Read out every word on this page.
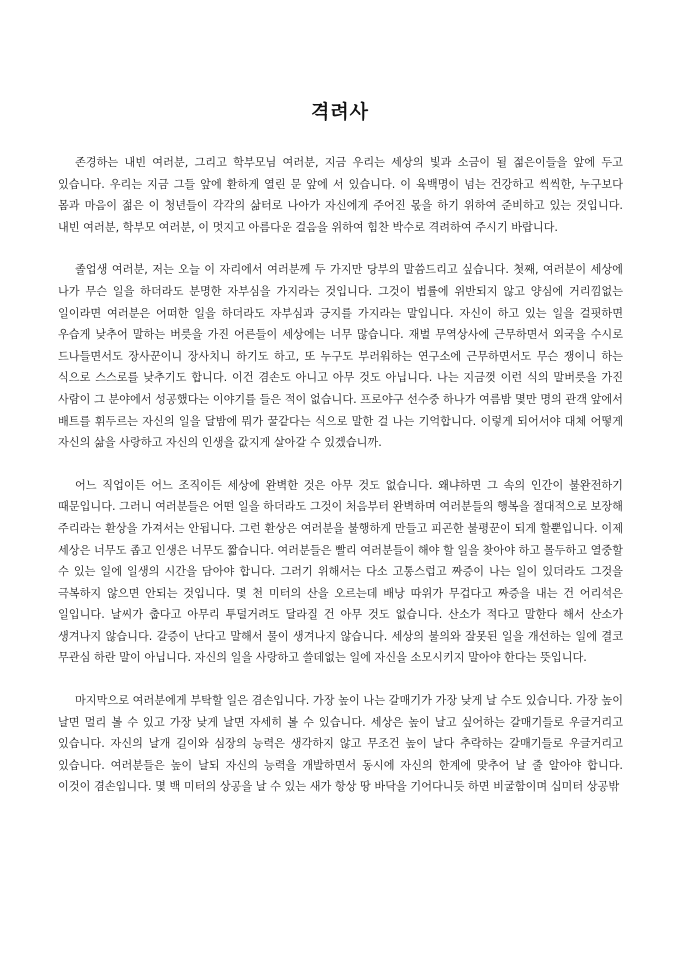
격려사

존경하는 내빈 여러분, 그리고 학부모님 여러분, 지금 우리는 세상의 빛과 소금이 될 젊은이들을 앞에 두고 있습니다. 우리는 지금 그들 앞에 환하게 열린 문 앞에 서 있습니다. 이 육백명이 넘는 건강하고 씩씩한, 누구보다 몸과 마음이 젊은 이 청년들이 각각의 삶터로 나아가 자신에게 주어진 몫을 하기 위하여 준비하고 있는 것입니다. 내빈 여러분, 학부모 여러분, 이 멋지고 아름다운 걸음을 위하여 힘찬 박수로 격려하여 주시기 바랍니다.

졸업생 여러분, 저는 오늘 이 자리에서 여러분께 두 가지만 당부의 말씀드리고 싶습니다. 첫째, 여러분이 세상에 나가 무슨 일을 하더라도 분명한 자부심을 가지라는 것입니다. 그것이 법률에 위반되지 않고 양심에 거리낌없는 일이라면 여러분은 어떠한 일을 하더라도 자부심과 긍지를 가지라는 말입니다. 자신이 하고 있는 일을 걸핏하면 우습게 낮추어 말하는 버릇을 가진 어른들이 세상에는 너무 많습니다. 재벌 무역상사에 근무하면서 외국을 수시로 드나들면서도 장사꾼이니 장사치니 하기도 하고, 또 누구도 부러워하는 연구소에 근무하면서도 무슨 쟁이니 하는 식으로 스스로를 낮추기도 합니다. 이건 겸손도 아니고 아무 것도 아닙니다. 나는 지금껏 이런 식의 말버릇을 가진 사람이 그 분야에서 성공했다는 이야기를 들은 적이 없습니다. 프로야구 선수중 하나가 여름밤 몇만 명의 관객 앞에서 배트를 휘두르는 자신의 일을 달밤에 뭐가 꿀같다는 식으로 말한 걸 나는 기억합니다. 이렇게 되어서야 대체 어떻게 자신의 삶을 사랑하고 자신의 인생을 값지게 살아갈 수 있겠습니까.

어느 직업이든 어느 조직이든 세상에 완벽한 것은 아무 것도 없습니다. 왜냐하면 그 속의 인간이 불완전하기 때문입니다. 그러니 여러분들은 어떤 일을 하더라도 그것이 처음부터 완벽하며 여러분들의 행복을 절대적으로 보장해 주리라는 환상을 가져서는 안됩니다. 그런 환상은 여러분을 불행하게 만들고 피곤한 불평꾼이 되게 할뿐입니다. 이제 세상은 너무도 좁고 인생은 너무도 짧습니다. 여러분들은 빨리 여러분들이 해야 할 일을 찾아야 하고 몰두하고 열중할 수 있는 일에 일생의 시간을 담아야 합니다. 그러기 위해서는 다소 고통스럽고 짜증이 나는 일이 있더라도 그것을 극복하지 않으면 안되는 것입니다. 몇 천 미터의 산을 오르는데 배낭 따위가 무겁다고 짜증을 내는 건 어리석은 일입니다. 날씨가 춥다고 아무리 투덜거려도 달라질 건 아무 것도 없습니다. 산소가 적다고 말한다 해서 산소가 생겨나지 않습니다. 갈증이 난다고 말해서 물이 생겨나지 않습니다. 세상의 불의와 잘못된 일을 개선하는 일에 결코 무관심 하란 말이 아닙니다. 자신의 일을 사랑하고 쓸데없는 일에 자신을 소모시키지 말아야 한다는 뜻입니다.

마지막으로 여러분에게 부탁할 일은 겸손입니다. 가장 높이 나는 갈매기가 가장 낮게 날 수도 있습니다. 가장 높이 날면 멀리 볼 수 있고 가장 낮게 날면 자세히 볼 수 있습니다. 세상은 높이 날고 싶어하는 갈매기들로 우글거리고 있습니다. 자신의 날개 길이와 심장의 능력은 생각하지 않고 무조건 높이 날다 추락하는 갈매기들로 우글거리고 있습니다. 여러분들은 높이 날되 자신의 능력을 개발하면서 동시에 자신의 한계에 맞추어 날 줄 알아야 합니다. 이것이 겸손입니다. 몇 백 미터의 상공을 날 수 있는 새가 항상 땅 바닥을 기어다니듯 하면 비굴함이며 십미터 상공밖
